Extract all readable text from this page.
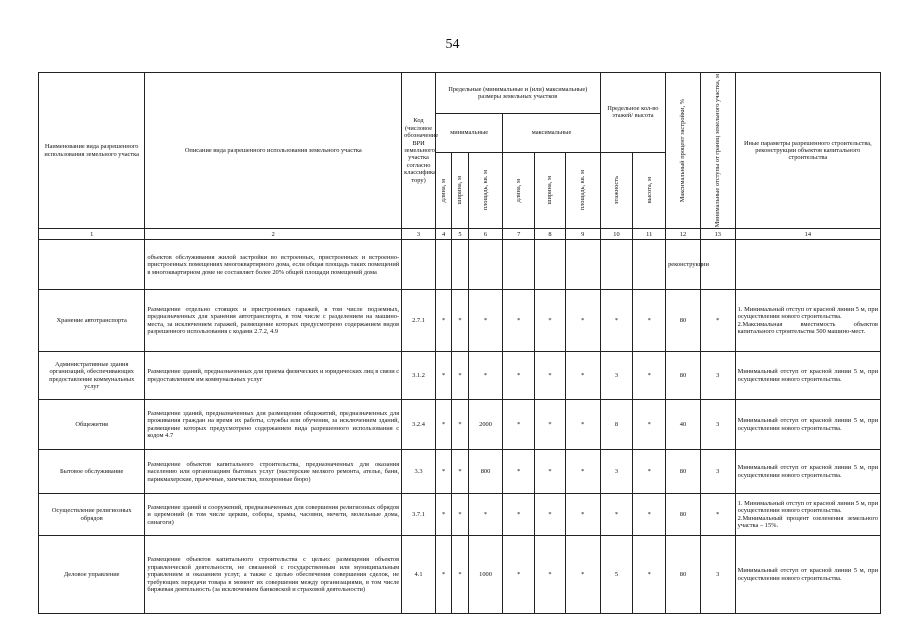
54
Наименование вида разрешенного использования земельного участка	Описание вида разрешенного использования земельного участка	Код (числовое обозначение ВРИ земельного участка согласно классифика тору)	Предельные (минимальные и (или) максимальные) размеры земельных участков						Предельное кол-во этажей/ высота		Максимальный процент застройки, %	Минимальные отступы от границ земельного участка, м	Иные параметры разрешенного строительства, реконструкции объектов капитального строительства
			минимальные			максимальные							

			длина, м	ширина, м	площадь, кв. м	длина, м	ширина, м	площадь, кв. м	этажность	высота, м			

1	2	3	4	5	6	7	8	9	10	11	12	13	14
	объектов обслуживания жилой застройки во встроенных, пристроенных и встроенно-пристроенных помещениях многоквартирного дома, если общая площадь таких помещений в многоквартирном доме не составляет более 20% общей площади помещений дома										реконструкции		
Хранение автотранспорта	Размещение отдельно стоящих и пристроенных гаражей, в том числе подземных, предназначенных для хранения автотранспорта, в том числе с разделением на машино-места, за исключением гаражей, размещение которых предусмотрено содержанием видов разрешенного использования с кодами 2.7.2, 4.9	2.7.1	*	*	*	*	*	*	*	*	80	*	1. Минимальный отступ от красной линии 5 м, при осуществлении нового строительства.

2.Максимальная вместимость объектов капитального строительства 500 машино-мест.

Административные здания организаций, обеспечивающих предоставление коммунальных услуг	Размещение зданий, предназначенных для приема физических и юридических лиц в связи с предоставлением им коммунальных услуг	3.1.2	*	*	*	*	*	*	3	*	80	3	Минимальный отступ от красной линии 5 м, при осуществлении нового строительства.

Общежития	Размещение зданий, предназначенных для размещения общежитий, предназначенных для проживания граждан на время их работы, службы или обучения, за исключением зданий, размещение которых предусмотрено содержанием вида разрешенного использования с кодом 4.7	3.2.4	*	*	2000	*	*	*	8	*	40	3	Минимальный отступ от красной линии 5 м, при осуществлении нового строительства.

Бытовое обслуживание	Размещение объектов капитального строительства, предназначенных для оказания населению или организациям бытовых услуг (мастерские мелкого ремонта, ателье, бани, парикмахерские, прачечные, химчистки, похоронные бюро)	3.3	*	*	800	*	*	*	3	*	80	3	Минимальный отступ от красной линии 5 м, при осуществлении нового строительства.

Осуществление религиозных обрядов	Размещение зданий и сооружений, предназначенных для совершения религиозных обрядов и церемоний (в том числе церкви, соборы, храмы, часовни, мечети, молельные дома, синагоги)	3.7.1	*	*	*	*	*	*	*	*	80	*	1. Минимальный отступ от красной линии 5 м, при осуществлении нового строительства.

2.Минимальный процент озеленения земельного участка – 15%.

Деловое управление	Размещение объектов капитального строительства с целью: размещения объектов управленческой деятельности, не связанной с государственным или муниципальным управлением и оказанием услуг, а также с целью обеспечения совершения сделок, не требующих передачи товара в момент их совершения между организациями, в том числе биржевая деятельность (за исключением банковской и страховой деятельности)	4.1	*	*	1000	*	*	*	5	*	80	3	Минимальный отступ от красной линии 5 м, при осуществлении нового строительства.
